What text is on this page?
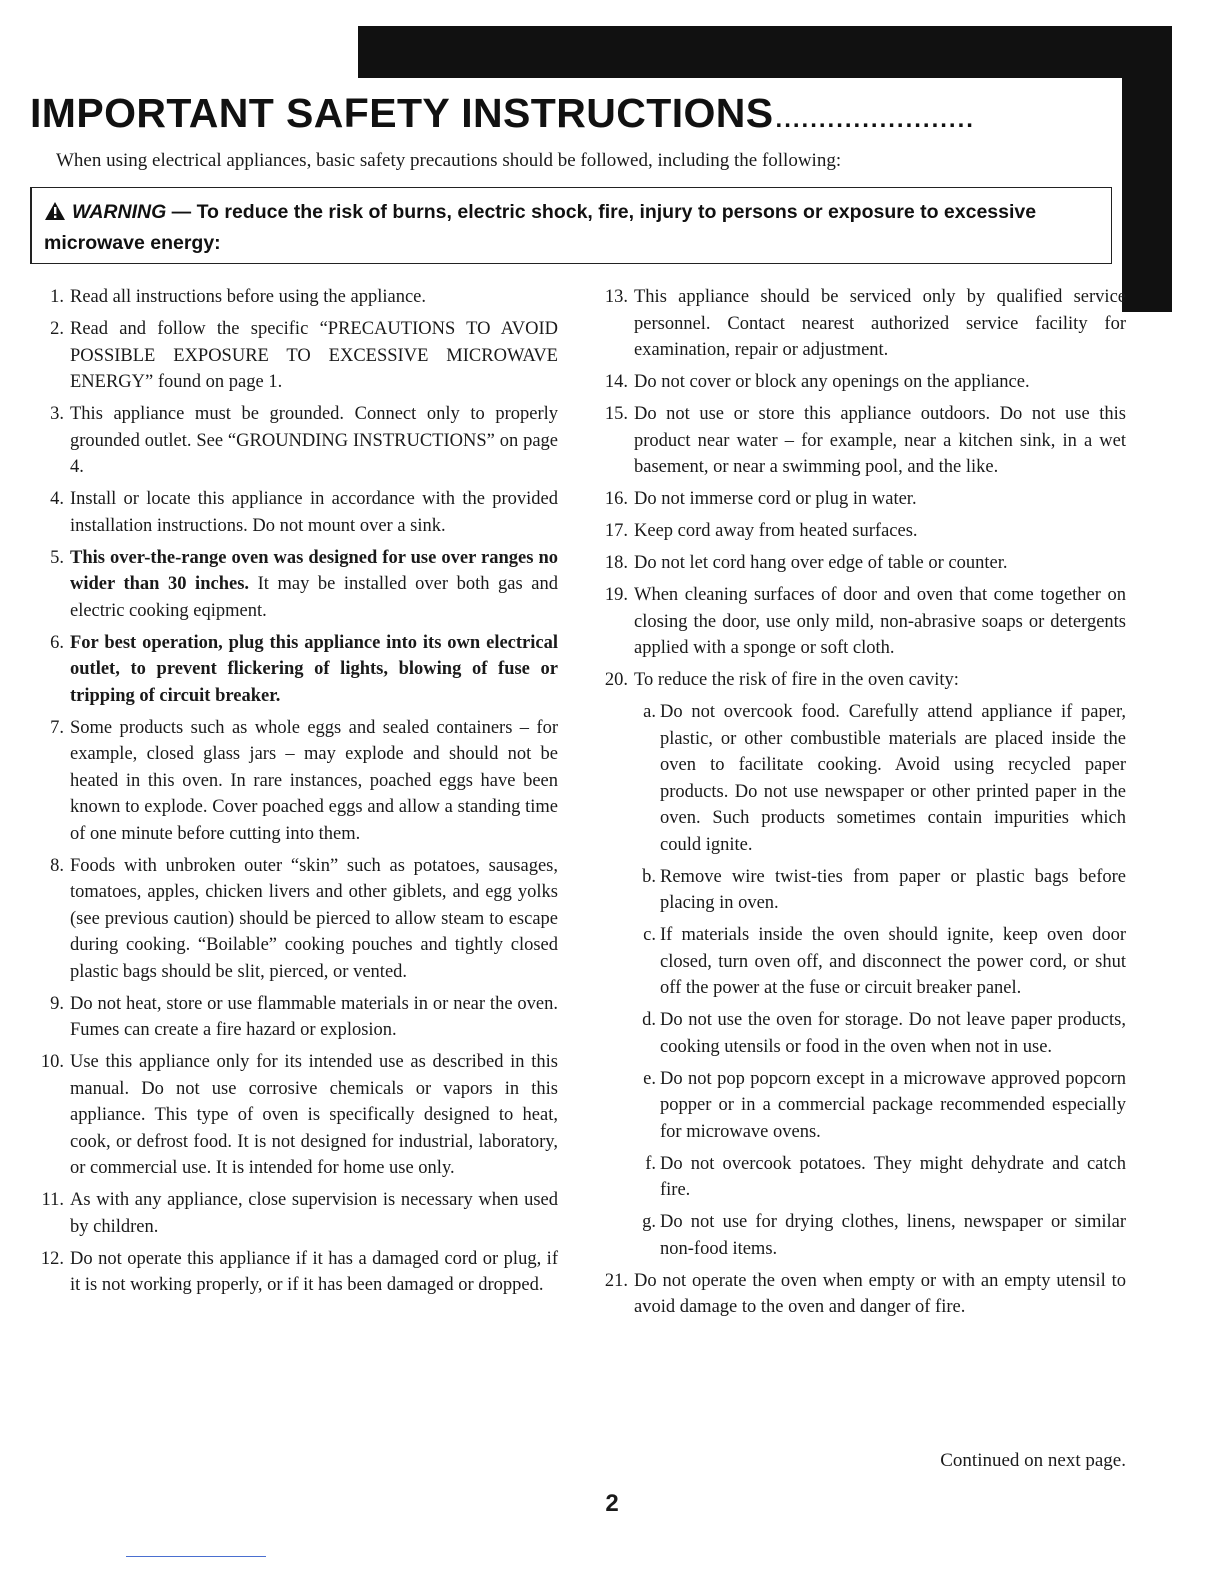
IMPORTANT SAFETY INSTRUCTIONS.......................
When using electrical appliances, basic safety precautions should be followed, including the following:
WARNING — To reduce the risk of burns, electric shock, fire, injury to persons or exposure to excessive microwave energy:
1. Read all instructions before using the appliance.
2. Read and follow the specific “PRECAUTIONS TO AVOID POSSIBLE EXPOSURE TO EXCESSIVE MICROWAVE ENERGY” found on page 1.
3. This appliance must be grounded. Connect only to properly grounded outlet. See “GROUNDING INSTRUCTIONS” on page 4.
4. Install or locate this appliance in accordance with the provided installation instructions. Do not mount over a sink.
5. This over-the-range oven was designed for use over ranges no wider than 30 inches. It may be installed over both gas and electric cooking eqipment.
6. For best operation, plug this appliance into its own electrical outlet, to prevent flickering of lights, blowing of fuse or tripping of circuit breaker.
7. Some products such as whole eggs and sealed containers – for example, closed glass jars – may explode and should not be heated in this oven. In rare instances, poached eggs have been known to explode. Cover poached eggs and allow a standing time of one minute before cutting into them.
8. Foods with unbroken outer “skin” such as potatoes, sausages, tomatoes, apples, chicken livers and other giblets, and egg yolks (see previous caution) should be pierced to allow steam to escape during cooking. “Boilable” cooking pouches and tightly closed plastic bags should be slit, pierced, or vented.
9. Do not heat, store or use flammable materials in or near the oven. Fumes can create a fire hazard or explosion.
10. Use this appliance only for its intended use as described in this manual. Do not use corrosive chemicals or vapors in this appliance. This type of oven is specifically designed to heat, cook, or defrost food. It is not designed for industrial, laboratory, or commercial use. It is intended for home use only.
11. As with any appliance, close supervision is necessary when used by children.
12. Do not operate this appliance if it has a damaged cord or plug, if it is not working properly, or if it has been damaged or dropped.
13. This appliance should be serviced only by qualified service personnel. Contact nearest authorized service facility for examination, repair or adjustment.
14. Do not cover or block any openings on the appliance.
15. Do not use or store this appliance outdoors. Do not use this product near water – for example, near a kitchen sink, in a wet basement, or near a swimming pool, and the like.
16. Do not immerse cord or plug in water.
17. Keep cord away from heated surfaces.
18. Do not let cord hang over edge of table or counter.
19. When cleaning surfaces of door and oven that come together on closing the door, use only mild, non-abrasive soaps or detergents applied with a sponge or soft cloth.
20. To reduce the risk of fire in the oven cavity:
a. Do not overcook food. Carefully attend appliance if paper, plastic, or other combustible materials are placed inside the oven to facilitate cooking. Avoid using recycled paper products. Do not use newspaper or other printed paper in the oven. Such products sometimes contain impurities which could ignite.
b. Remove wire twist-ties from paper or plastic bags before placing in oven.
c. If materials inside the oven should ignite, keep oven door closed, turn oven off, and disconnect the power cord, or shut off the power at the fuse or circuit breaker panel.
d. Do not use the oven for storage. Do not leave paper products, cooking utensils or food in the oven when not in use.
e. Do not pop popcorn except in a microwave approved popcorn popper or in a commercial package recommended especially for microwave ovens.
f. Do not overcook potatoes. They might dehydrate and catch fire.
g. Do not use for drying clothes, linens, newspaper or similar non-food items.
21. Do not operate the oven when empty or with an empty utensil to avoid damage to the oven and danger of fire.
Continued on next page.
2
